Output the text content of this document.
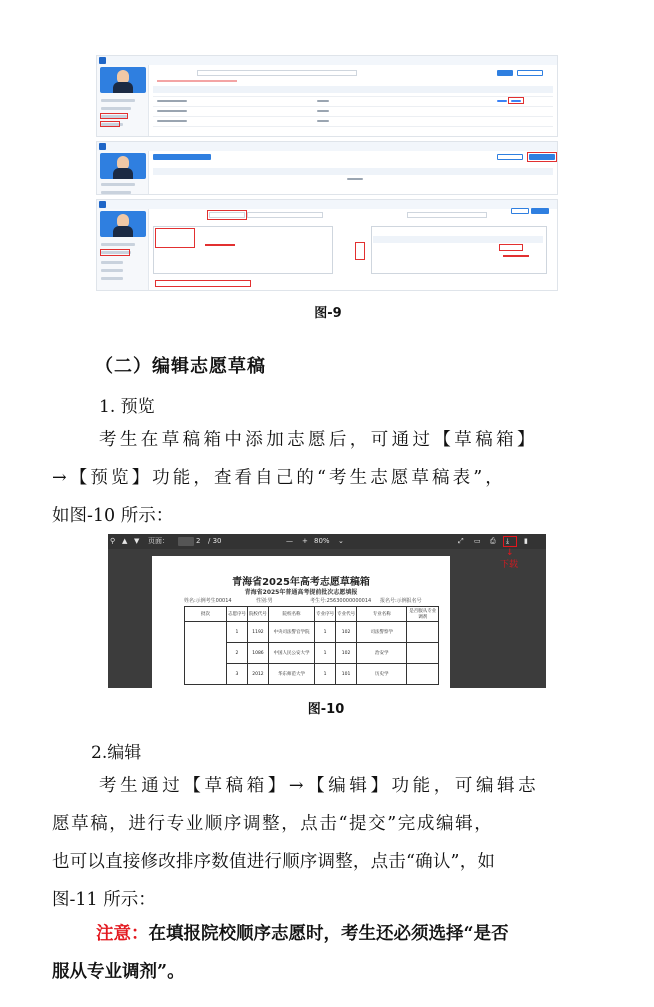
图-9
（二）编辑志愿草稿
1. 预览
考生在草稿箱中添加志愿后，可通过【草稿箱】
→【预览】功能，查看自己的“考生志愿草稿表”，
如图-10 所示：
⚲ ▲ ▼ 页面：	2 / 30	— + 80% ⌄	⤢ ▭ ⎙ ⤓ ▮
↓
下载
青海省2025年高考志愿草稿箱
青海省2025年普通高考提前批次志愿填报
姓名:示例考生00014	性别:男	考生号:25630000000014 报名号:示例报名号
批次	志愿序号	院校代号	院校名称	专业序号	专业代号	专业名称	是否服从专业调剂
	1	1192	中央司法警官学院	1	102	司法警察学	
	2	1086	中国人民公安大学	1	102	治安学	
	3	2012	华东师范大学	1	101	历史学	
图-10
2.编辑
考生通过【草稿箱】→【编辑】功能，可编辑志
愿草稿，进行专业顺序调整，点击“提交”完成编辑，
也可以直接修改排序数值进行顺序调整，点击“确认”，如
图-11 所示：
注意：在填报院校顺序志愿时，考生还必须选择“是否
服从专业调剂”。
